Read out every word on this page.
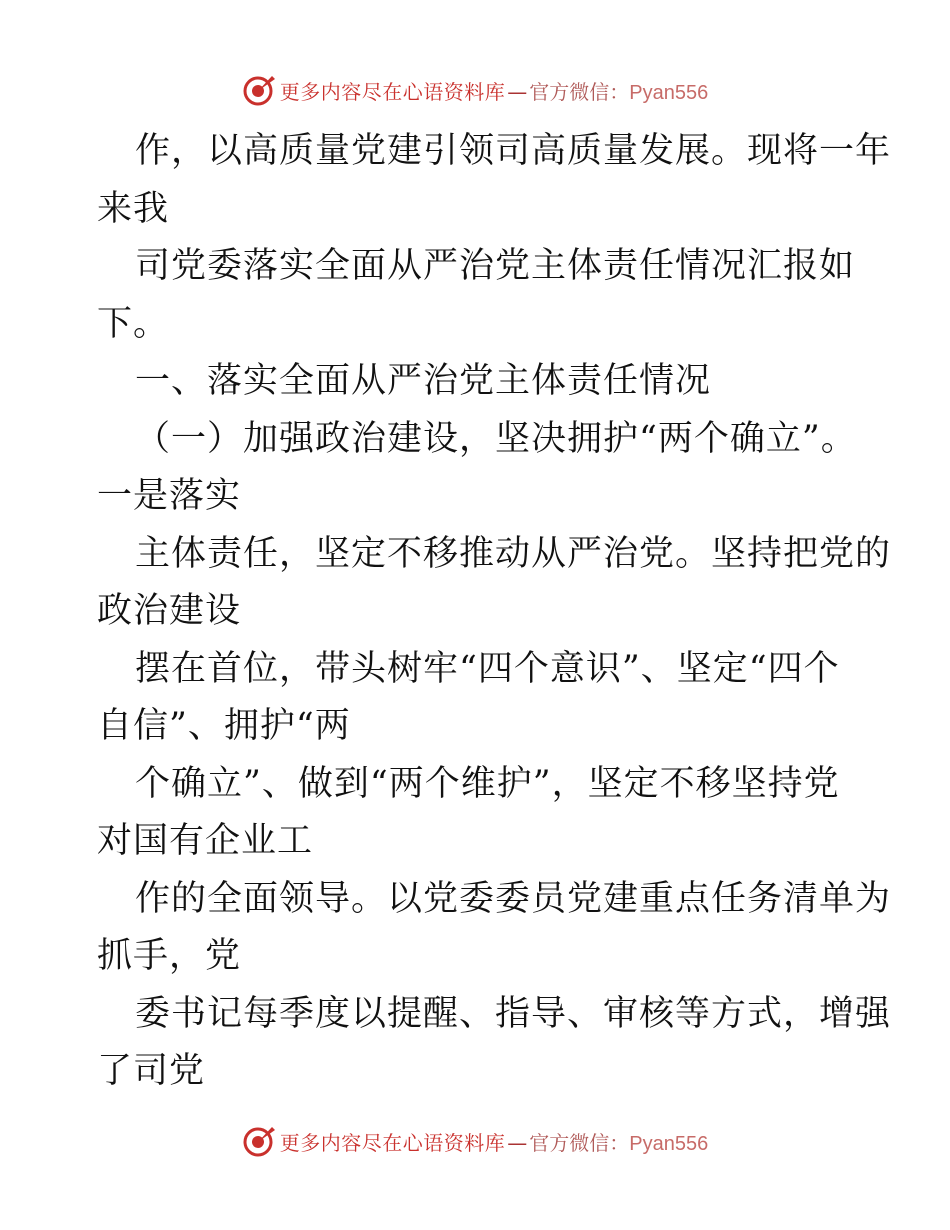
更多内容尽在心语资料库 — 官方微信： Pyan556
作，以高质量党建引领司高质量发展。现将一年
来我
司党委落实全面从严治党主体责任情况汇报如
下。
一、落实全面从严治党主体责任情况
（一）加强政治建设，坚决拥护“两个确立”。
一是落实
主体责任，坚定不移推动从严治党。坚持把党的
政治建设
摆在首位，带头树牢“四个意识”、坚定“四个
自信”、拥护“两
个确立”、做到“两个维护”，坚定不移坚持党
对国有企业工
作的全面领导。以党委委员党建重点任务清单为
抓手，党
委书记每季度以提醒、指导、审核等方式，增强
了司党
更多内容尽在心语资料库 — 官方微信： Pyan556
